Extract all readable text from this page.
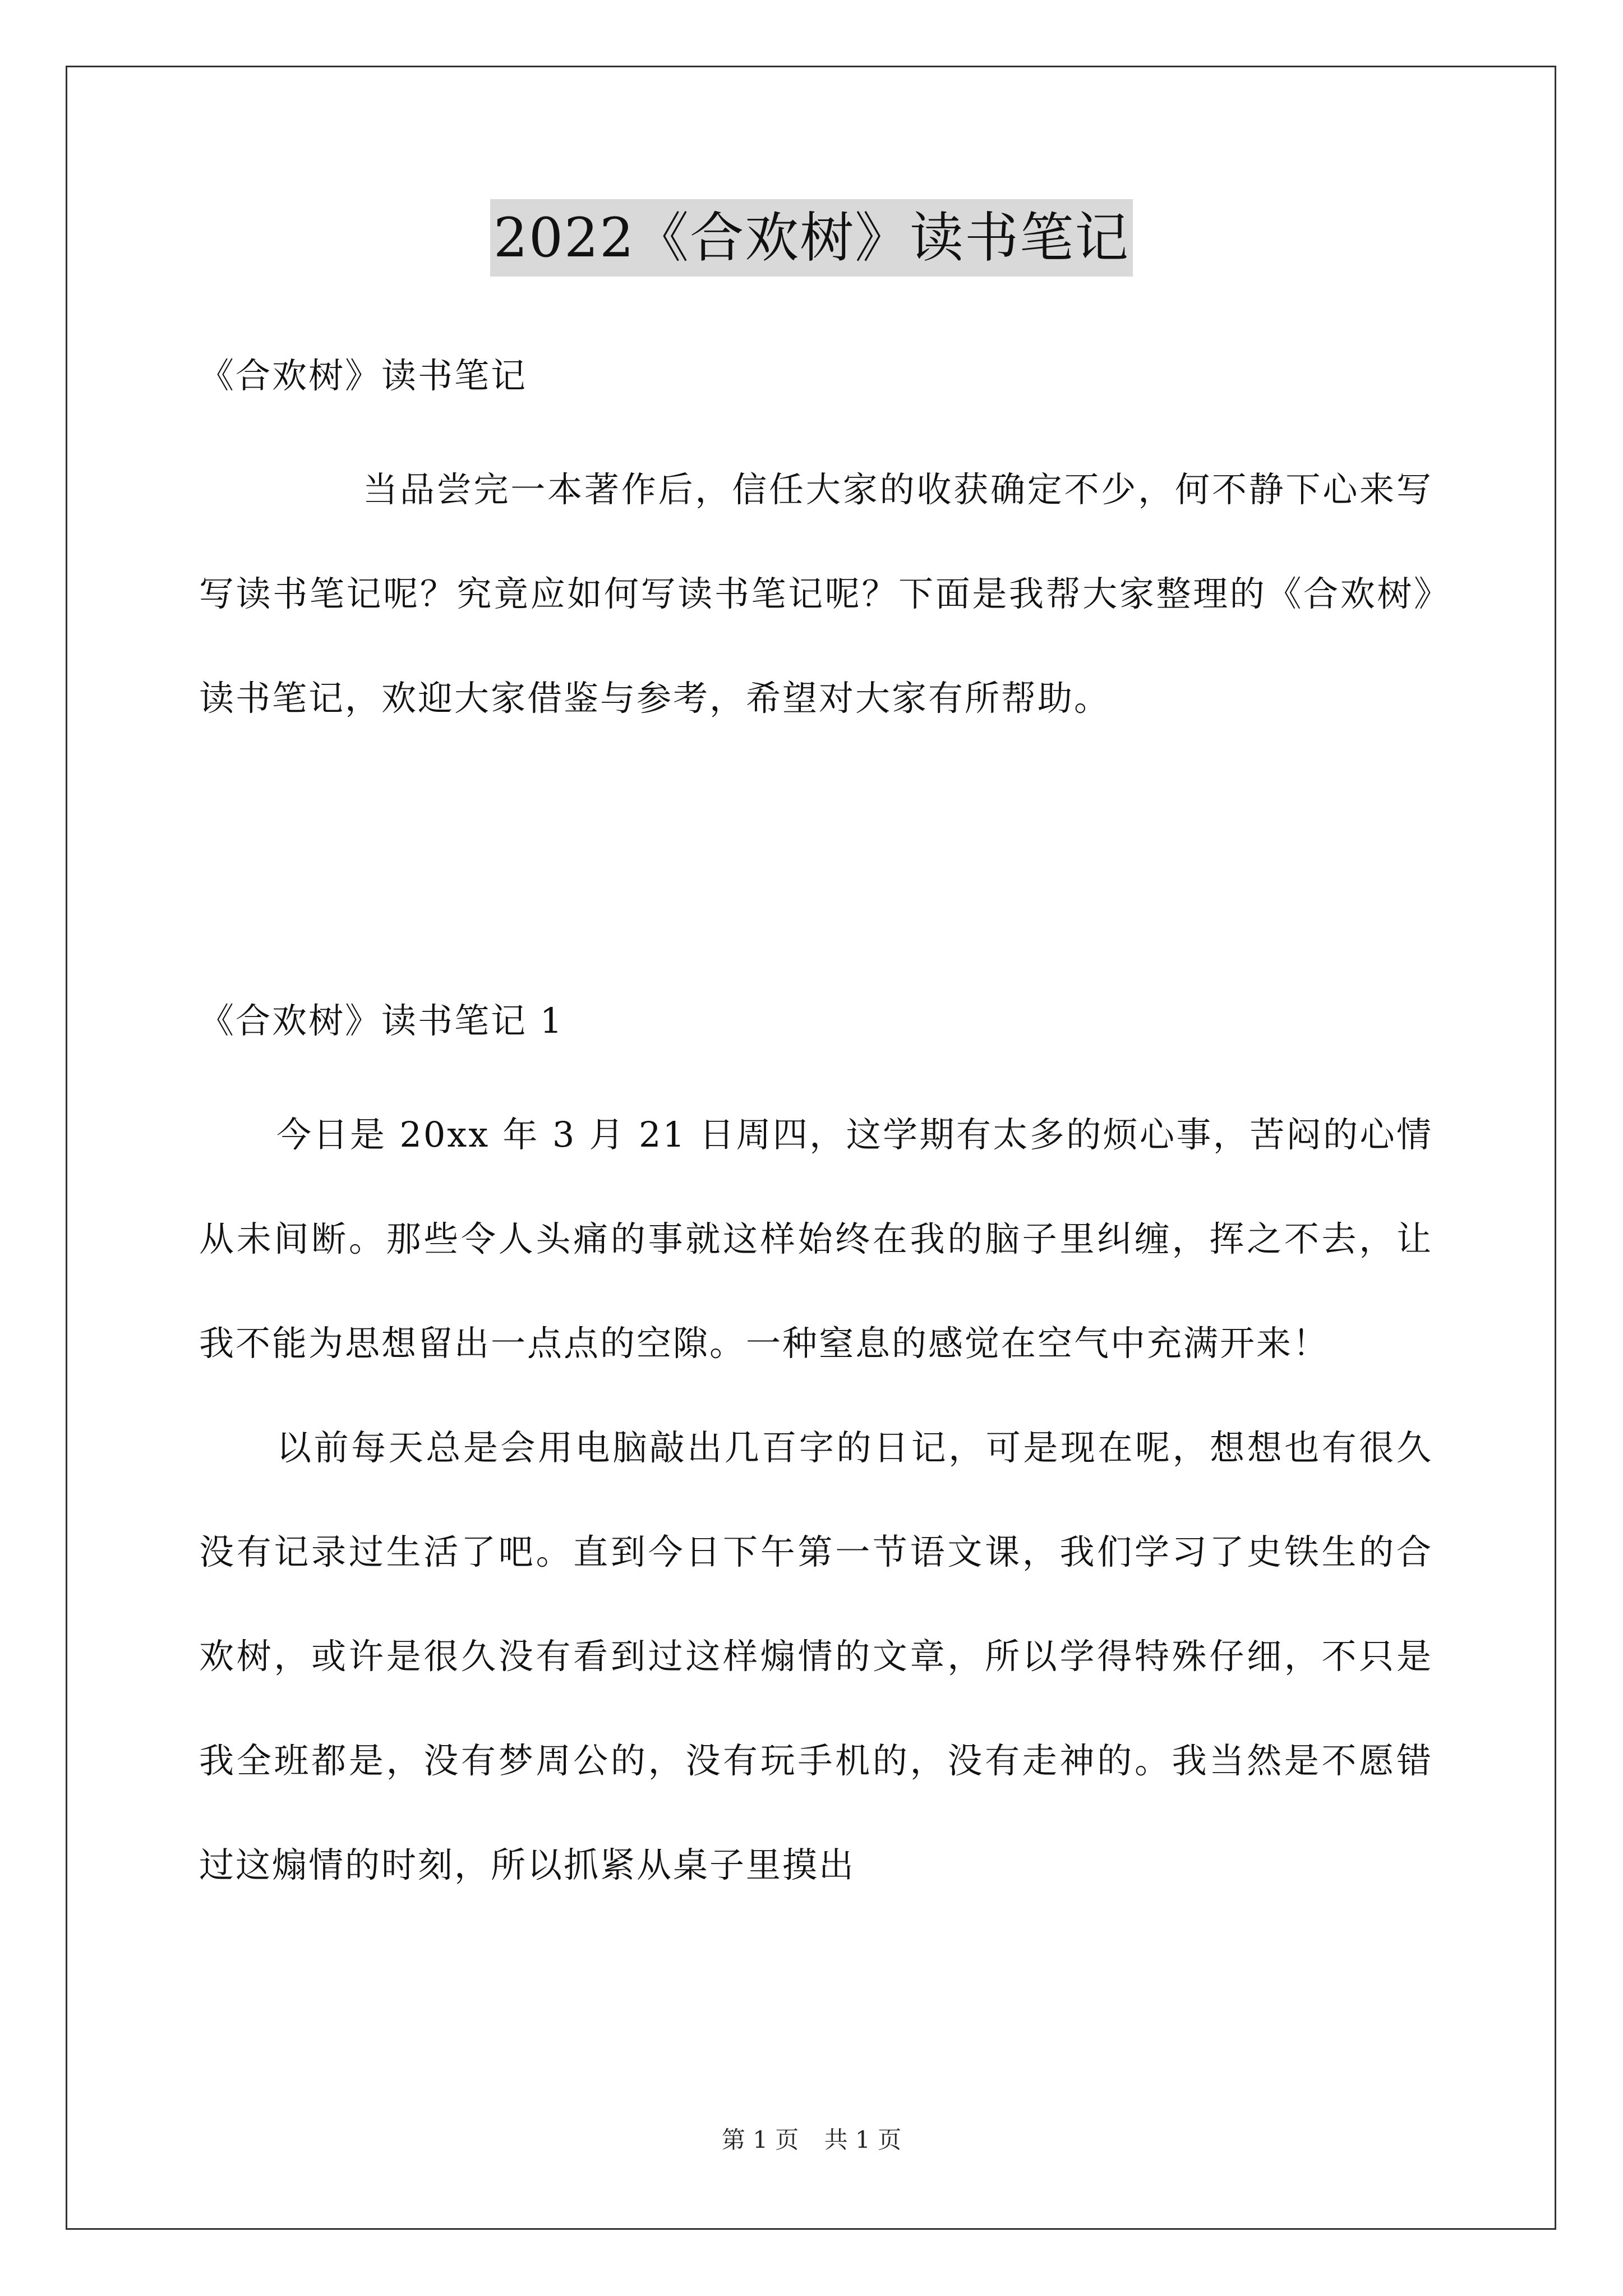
2022《合欢树》读书笔记
《合欢树》读书笔记

当品尝完一本著作后，信任大家的收获确定不少，何不静下心来写写读书笔记呢？究竟应如何写读书笔记呢？下面是我帮大家整理的《合欢树》读书笔记，欢迎大家借鉴与参考，希望对大家有所帮助。

《合欢树》读书笔记 1

今日是 20xx 年 3 月 21 日周四，这学期有太多的烦心事，苦闷的心情从未间断。那些令人头痛的事就这样始终在我的脑子里纠缠，挥之不去，让我不能为思想留出一点点的空隙。一种窒息的感觉在空气中充满开来！

以前每天总是会用电脑敲出几百字的日记，可是现在呢，想想也有很久没有记录过生活了吧。直到今日下午第一节语文课，我们学习了史铁生的合欢树，或许是很久没有看到过这样煽情的文章，所以学得特殊仔细，不只是我全班都是，没有梦周公的，没有玩手机的，没有走神的。我当然是不愿错过这煽情的时刻，所以抓紧从桌子里摸出

第 1 页 共 1 页
